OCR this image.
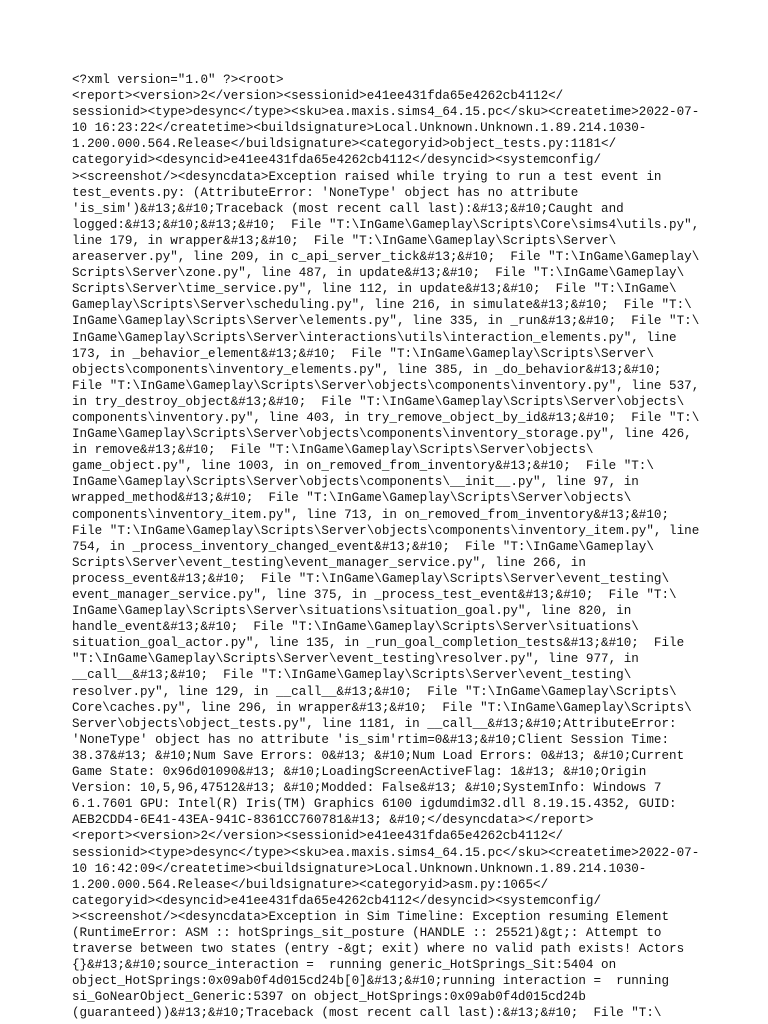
<?xml version="1.0" ?><root>
<report><version>2</version><sessionid>e41ee431fda65e4262cb4112</
sessionid><type>desync</type><sku>ea.maxis.sims4_64.15.pc</sku><createtime>2022-07-
10 16:23:22</createtime><buildsignature>Local.Unknown.Unknown.1.89.214.1030-
1.200.000.564.Release</buildsignature><categoryid>object_tests.py:1181</
categoryid><desyncid>e41ee431fda65e4262cb4112</desyncid><systemconfig/
><screenshot/><desyncdata>Exception raised while trying to run a test event in
test_events.py: (AttributeError: 'NoneType' object has no attribute
'is_sim')&#13;&#10;Traceback (most recent call last):&#13;&#10;Caught and
logged:&#13;&#10;&#13;&#10;  File "T:\InGame\Gameplay\Scripts\Core\sims4\utils.py",
line 179, in wrapper&#13;&#10;  File "T:\InGame\Gameplay\Scripts\Server\
areaserver.py", line 209, in c_api_server_tick&#13;&#10;  File "T:\InGame\Gameplay\
Scripts\Server\zone.py", line 487, in update&#13;&#10;  File "T:\InGame\Gameplay\
Scripts\Server\time_service.py", line 112, in update&#13;&#10;  File "T:\InGame\
Gameplay\Scripts\Server\scheduling.py", line 216, in simulate&#13;&#10;  File "T:\
InGame\Gameplay\Scripts\Server\elements.py", line 335, in _run&#13;&#10;  File "T:\
InGame\Gameplay\Scripts\Server\interactions\utils\interaction_elements.py", line
173, in _behavior_element&#13;&#10;  File "T:\InGame\Gameplay\Scripts\Server\
objects\components\inventory_elements.py", line 385, in _do_behavior&#13;&#10;
File "T:\InGame\Gameplay\Scripts\Server\objects\components\inventory.py", line 537,
in try_destroy_object&#13;&#10;  File "T:\InGame\Gameplay\Scripts\Server\objects\
components\inventory.py", line 403, in try_remove_object_by_id&#13;&#10;  File "T:\
InGame\Gameplay\Scripts\Server\objects\components\inventory_storage.py", line 426,
in remove&#13;&#10;  File "T:\InGame\Gameplay\Scripts\Server\objects\
game_object.py", line 1003, in on_removed_from_inventory&#13;&#10;  File "T:\
InGame\Gameplay\Scripts\Server\objects\components\__init__.py", line 97, in
wrapped_method&#13;&#10;  File "T:\InGame\Gameplay\Scripts\Server\objects\
components\inventory_item.py", line 713, in on_removed_from_inventory&#13;&#10;
File "T:\InGame\Gameplay\Scripts\Server\objects\components\inventory_item.py", line
754, in _process_inventory_changed_event&#13;&#10;  File "T:\InGame\Gameplay\
Scripts\Server\event_testing\event_manager_service.py", line 266, in
process_event&#13;&#10;  File "T:\InGame\Gameplay\Scripts\Server\event_testing\
event_manager_service.py", line 375, in _process_test_event&#13;&#10;  File "T:\
InGame\Gameplay\Scripts\Server\situations\situation_goal.py", line 820, in
handle_event&#13;&#10;  File "T:\InGame\Gameplay\Scripts\Server\situations\
situation_goal_actor.py", line 135, in _run_goal_completion_tests&#13;&#10;  File
"T:\InGame\Gameplay\Scripts\Server\event_testing\resolver.py", line 977, in
__call__&#13;&#10;  File "T:\InGame\Gameplay\Scripts\Server\event_testing\
resolver.py", line 129, in __call__&#13;&#10;  File "T:\InGame\Gameplay\Scripts\
Core\caches.py", line 296, in wrapper&#13;&#10;  File "T:\InGame\Gameplay\Scripts\
Server\objects\object_tests.py", line 1181, in __call__&#13;&#10;AttributeError:
'NoneType' object has no attribute 'is_sim'rtim=0&#13;&#10;Client Session Time:
38.37&#13; &#10;Num Save Errors: 0&#13; &#10;Num Load Errors: 0&#13; &#10;Current
Game State: 0x96d01090&#13; &#10;LoadingScreenActiveFlag: 1&#13; &#10;Origin
Version: 10,5,96,47512&#13; &#10;Modded: False&#13; &#10;SystemInfo: Windows 7
6.1.7601 GPU: Intel(R) Iris(TM) Graphics 6100 igdumdim32.dll 8.19.15.4352, GUID:
AEB2CDD4-6E41-43EA-941C-8361CC760781&#13; &#10;</desyncdata></report>
<report><version>2</version><sessionid>e41ee431fda65e4262cb4112</
sessionid><type>desync</type><sku>ea.maxis.sims4_64.15.pc</sku><createtime>2022-07-
10 16:42:09</createtime><buildsignature>Local.Unknown.Unknown.1.89.214.1030-
1.200.000.564.Release</buildsignature><categoryid>asm.py:1065</
categoryid><desyncid>e41ee431fda65e4262cb4112</desyncid><systemconfig/
><screenshot/><desyncdata>Exception in Sim Timeline: Exception resuming Element
(RuntimeError: ASM :: hotSprings_sit_posture (HANDLE :: 25521)&gt;: Attempt to
traverse between two states (entry -&gt; exit) where no valid path exists! Actors
{}&#13;&#10;source_interaction =  running generic_HotSprings_Sit:5404 on
object_HotSprings:0x09ab0f4d015cd24b[0]&#13;&#10;running interaction =  running
si_GoNearObject_Generic:5397 on object_HotSprings:0x09ab0f4d015cd24b
(guaranteed))&#13;&#10;Traceback (most recent call last):&#13;&#10;  File "T:\
